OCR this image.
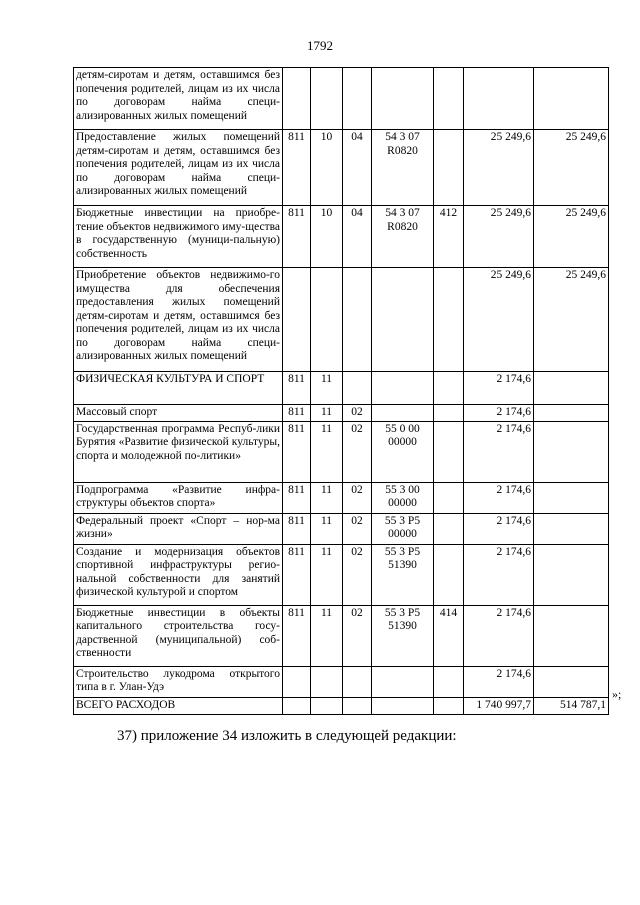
1792
детям-сиротам и детям, оставшимся без попечения родителей, лицам из их числа по договорам найма специ-ализированных жилых помещений							
Предоставление жилых помещений детям-сиротам и детям, оставшимся без попечения родителей, лицам из их числа по договорам найма специ-ализированных жилых помещений	811	10	04	54 3 07 R0820		25 249,6	25 249,6
Бюджетные инвестиции на приобре-тение объектов недвижимого иму-щества в государственную (муници-пальную) собственность	811	10	04	54 3 07 R0820	412	25 249,6	25 249,6
Приобретение объектов недвижимо-го имущества для обеспечения предоставления жилых помещений детям-сиротам и детям, оставшимся без попечения родителей, лицам из их числа по договорам найма специ-ализированных жилых помещений						25 249,6	25 249,6
ФИЗИЧЕСКАЯ КУЛЬТУРА И СПОРТ	811	11				2 174,6	
Массовый спорт	811	11	02			2 174,6	
Государственная программа Респуб-лики Бурятия «Развитие физической культуры, спорта и молодежной по-литики»	811	11	02	55 0 00 00000		2 174,6	
Подпрограмма «Развитие инфра-структуры объектов спорта»	811	11	02	55 3 00 00000		2 174,6	
Федеральный проект «Спорт – нор-ма жизни»	811	11	02	55 3 P5 00000		2 174,6	
Создание и модернизация объектов спортивной инфраструктуры регио-нальной собственности для занятий физической культурой и спортом	811	11	02	55 3 P5 51390		2 174,6	
Бюджетные инвестиции в объекты капитального строительства госу-дарственной (муниципальной) соб-ственности	811	11	02	55 3 P5 51390	414	2 174,6	
Строительство лукодрома открытого типа в г. Улан-Удэ						2 174,6	
ВСЕГО РАСХОДОВ						1 740 997,7	514 787,1
»;
37) приложение 34 изложить в следующей редакции:
